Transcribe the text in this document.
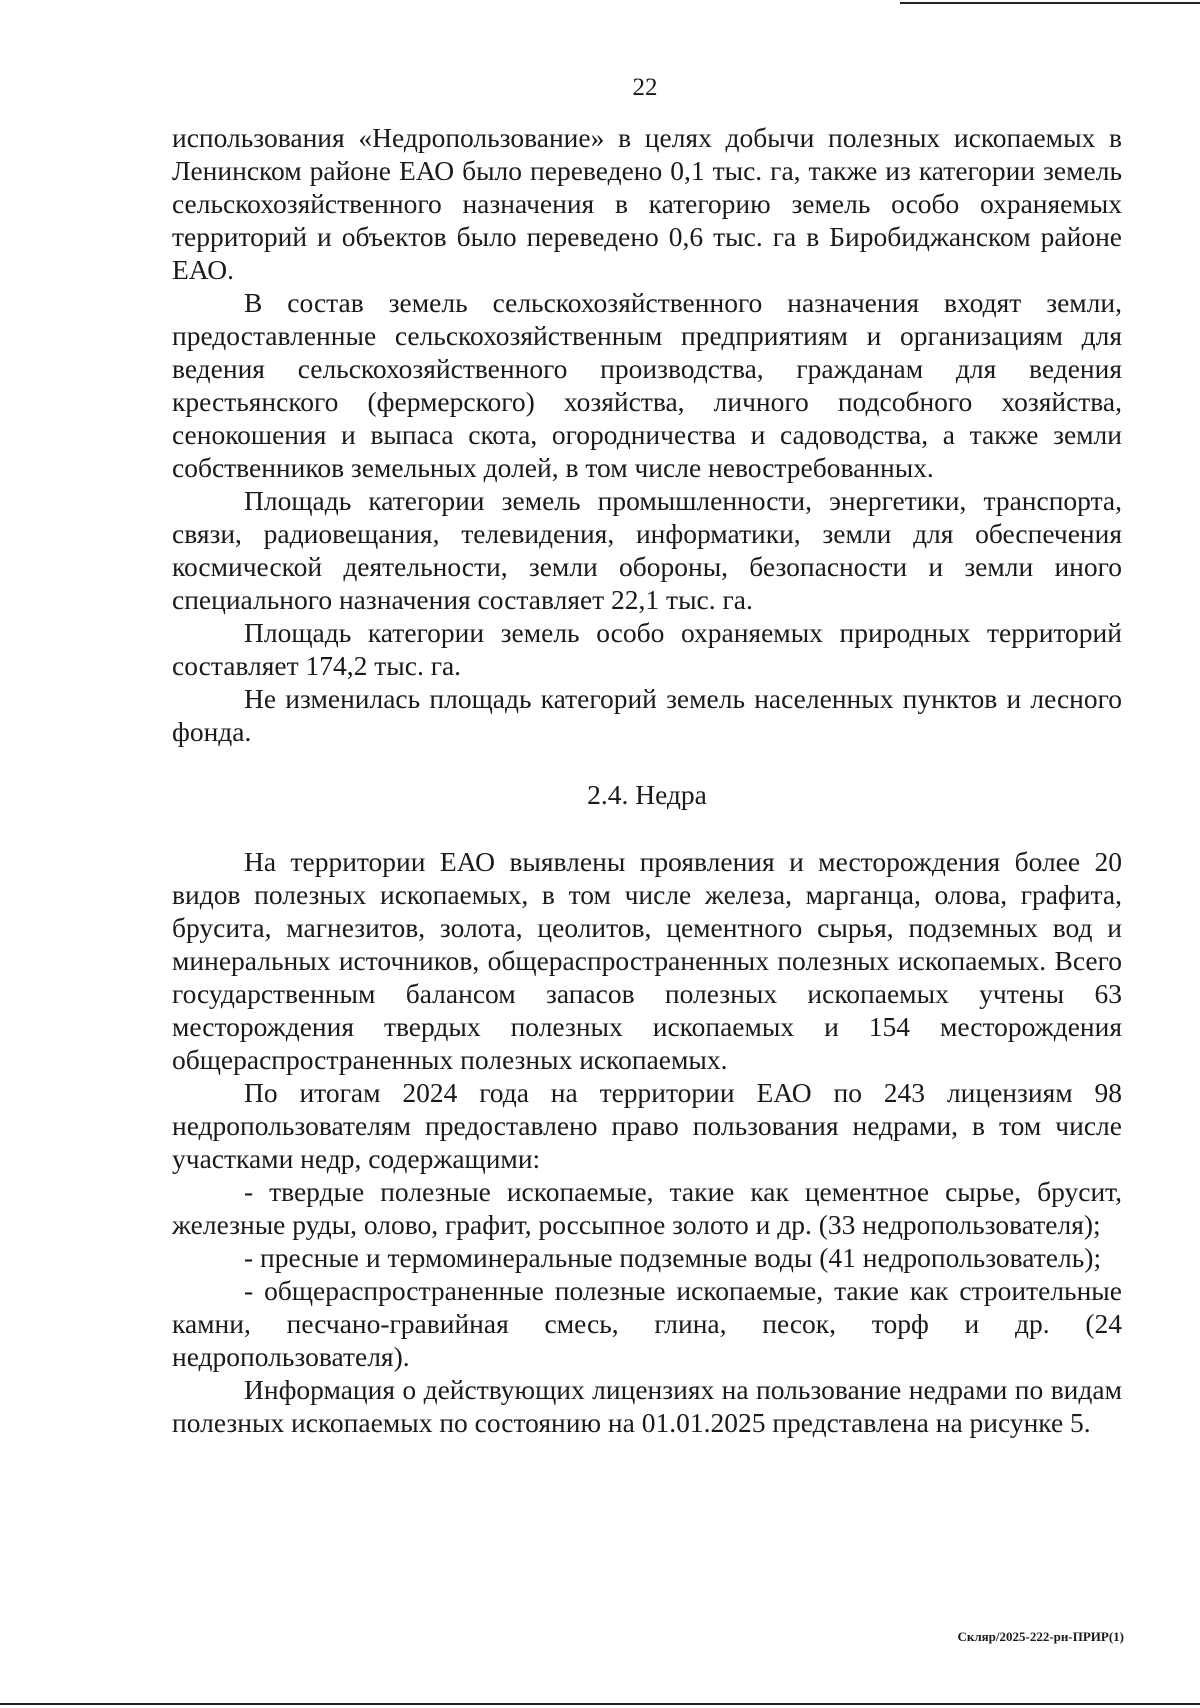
22

использования «Недропользование» в целях добычи полезных ископаемых в Ленинском районе ЕАО было переведено 0,1 тыс. га, также из категории земель сельскохозяйственного назначения в категорию земель особо охраняемых территорий и объектов было переведено 0,6 тыс. га в Биробиджанском районе ЕАО.

В состав земель сельскохозяйственного назначения входят земли, предоставленные сельскохозяйственным предприятиям и организациям для ведения сельскохозяйственного производства, гражданам для ведения крестьянского (фермерского) хозяйства, личного подсобного хозяйства, сенокошения и выпаса скота, огородничества и садоводства, а также земли собственников земельных долей, в том числе невостребованных.

Площадь категории земель промышленности, энергетики, транспорта, связи, радиовещания, телевидения, информатики, земли для обеспечения космической деятельности, земли обороны, безопасности и земли иного специального назначения составляет 22,1 тыс. га.

Площадь категории земель особо охраняемых природных территорий составляет 174,2 тыс. га.

Не изменилась площадь категорий земель населенных пунктов и лесного фонда.

2.4. Недра

На территории ЕАО выявлены проявления и месторождения более 20 видов полезных ископаемых, в том числе железа, марганца, олова, графита, брусита, магнезитов, золота, цеолитов, цементного сырья, подземных вод и минеральных источников, общераспространенных полезных ископаемых. Всего государственным балансом запасов полезных ископаемых учтены 63 месторождения твердых полезных ископаемых и 154 месторождения общераспространенных полезных ископаемых.

По итогам 2024 года на территории ЕАО по 243 лицензиям 98 недропользователям предоставлено право пользования недрами, в том числе участками недр, содержащими:

- твердые полезные ископаемые, такие как цементное сырье, брусит, железные руды, олово, графит, россыпное золото и др. (33 недропользователя);

- пресные и термоминеральные подземные воды (41 недропользователь);

- общераспространенные полезные ископаемые, такие как строительные камни, песчано-гравийная смесь, глина, песок, торф и др. (24 недропользователя).

Информация о действующих лицензиях на пользование недрами по видам полезных ископаемых по состоянию на 01.01.2025 представлена на рисунке 5.

Скляр/2025-222-рн-ПРИР(1)
